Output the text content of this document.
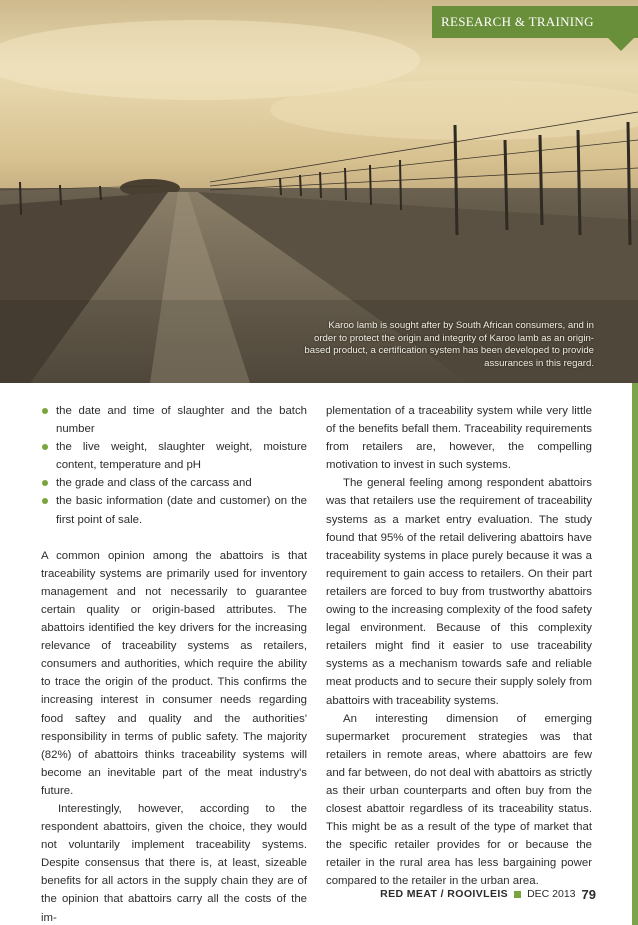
RESEARCH & TRAINING

Karoo lamb is sought after by South African consumers, and in order to protect the origin and integrity of Karoo lamb as an origin-based product, a certification system has been developed to provide assurances in this regard.

the date and time of slaughter and the batch number
the live weight, slaughter weight, moisture content, temperature and pH
the grade and class of the carcass and
the basic information (date and customer) on the first point of sale.

A common opinion among the abattoirs is that traceability systems are primarily used for inventory management and not necessarily to guarantee certain quality or origin-based attributes. The abattoirs identified the key drivers for the increasing relevance of traceability systems as retailers, consumers and authorities, which require the ability to trace the origin of the product. This confirms the increasing interest in consumer needs regarding food saftey and quality and the authorities' responsibility in terms of public safety. The majority (82%) of abattoirs thinks traceability systems will become an inevitable part of the meat industry's future.

Interestingly, however, according to the respondent abattoirs, given the choice, they would not voluntarily implement traceability systems. Despite consensus that there is, at least, sizeable benefits for all actors in the supply chain they are of the opinion that abattoirs carry all the costs of the im-

plementation of a traceability system while very little of the benefits befall them. Traceability requirements from retailers are, however, the compelling motivation to invest in such systems.

The general feeling among respondent abattoirs was that retailers use the requirement of traceability systems as a market entry evaluation. The study found that 95% of the retail delivering abattoirs have traceability systems in place purely because it was a requirement to gain access to retailers. On their part retailers are forced to buy from trustworthy abattoirs owing to the increasing complexity of the food safety legal environment. Because of this complexity retailers might find it easier to use traceability systems as a mechanism towards safe and reliable meat products and to secure their supply solely from abattoirs with traceability systems.

An interesting dimension of emerging supermarket procurement strategies was that retailers in remote areas, where abattoirs are few and far between, do not deal with abattoirs as strictly as their urban counterparts and often buy from the closest abattoir regardless of its traceability status. This might be as a result of the type of market that the specific retailer provides for or because the retailer in the rural area has less bargaining power compared to the retailer in the urban area.

RED MEAT / ROOIVLEIS DEC 2013 79
